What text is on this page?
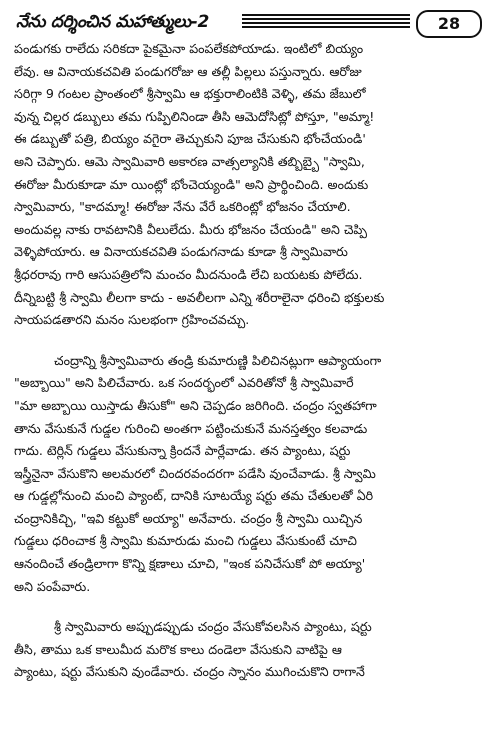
నేను దర్శించిన మహాత్ములు-2	28
పండుగకు రాలేదు సరికదా పైకమైనా పంపలేకపోయాడు. ఇంటిలో బియ్యం
లేవు. ఆ వినాయకచవితి పండుగరోజు ఆ తల్లీ పిల్లలు పస్తున్నారు. ఆరోజు
సరిగ్గా 9 గంటల ప్రాంతంలో శ్రీస్వామి ఆ భక్తురాలింటికి వెళ్ళి, తమ జేబులో
వున్న చిల్లర డబ్బులు తమ గుప్పిలినిండా తీసి ఆమెదోసిట్లో పోస్తూ, "అమ్మా!
ఈ డబ్బుతో పత్రి, బియ్యం వగైరా తెచ్చుకుని పూజ చేసుకుని భోంచేయండి'
అని చెప్పారు. ఆమె స్వామివారి అకారణ వాత్సల్యానికి తబ్బిబ్బై "స్వామి,
ఈరోజు మీరుకూడా మా యింట్లో భోంచెయ్యండి" అని ప్రార్థించింది. అందుకు
స్వామివారు, "కాదమ్మా! ఈరోజు నేను వేరే ఒకరింట్లో భోజనం చేయాలి.
అందువల్ల నాకు రావటానికి వీలులేదు. మీరు భోజనం చేయండి" అని చెప్పి
వెళ్ళిపోయారు. ఆ వినాయకచవితి పండుగనాడు కూడా శ్రీ స్వామివారు
శ్రీధరరావు గారి ఆసుపత్రిలోని మంచం మీదనుండి లేచి బయటకు పోలేదు.
దీన్నిబట్టి శ్రీ స్వామి లీలగా కాదు - అవలీలగా ఎన్ని శరీరాలైనా ధరించి భక్తులకు
సాయపడతారని మనం సులభంగా గ్రహించవచ్చు.
చంద్రాన్ని శ్రీస్వామివారు తండ్రి కుమారుణ్ణి పిలిచినట్లుగా ఆప్యాయంగా
"అబ్బాయి" అని పిలిచేవారు. ఒక సందర్భంలో ఎవరితోనో శ్రీ స్వామివారే
"మా అబ్బాయి యిస్తాడు తీసుకో" అని చెప్పడం జరిగింది. చంద్రం స్వతహాగా
తాను వేసుకునే గుడ్డల గురించి అంతగా పట్టించుకునే మనస్తత్వం కలవాడు
గాదు. టెర్లిన్ గుడ్డలు వేసుకున్నా క్రిందనే పార్లేవాడు. తన ప్యాంటు, షర్టు
ఇస్త్రీనైనా వేసుకొని అలమరలో చిందరవందరగా పడేసి వుంచేవాడు. శ్రీ స్వామి
ఆ గుడ్డల్లోనుంచి మంచి ప్యాంట్, దానికి సూటయ్యే షర్టు తమ చేతులతో ఏరి
చంద్రానికిచ్చి, "ఇవి కట్టుకో అయ్యా" అనేవారు. చంద్రం శ్రీ స్వామి యిచ్చిన
గుడ్డలు ధరించాక శ్రీ స్వామి కుమారుడు మంచి గుడ్డలు వేసుకుంటే చూచి
ఆనందించే తండ్రిలాగా కొన్ని క్షణాలు చూచి, "ఇంక పనిచేసుకో పో అయ్యా'
అని పంపేవారు.
శ్రీ స్వామివారు అప్పుడప్పుడు చంద్రం వేసుకోవలసిన ప్యాంటు, షర్టు
తీసి, తాము ఒక కాలుమీద మరొక కాలు దండెలా వేసుకుని వాటిపై ఆ
ప్యాంటు, షర్టు వేసుకుని వుండేవారు. చంద్రం స్నానం ముగించుకొని రాగానే
